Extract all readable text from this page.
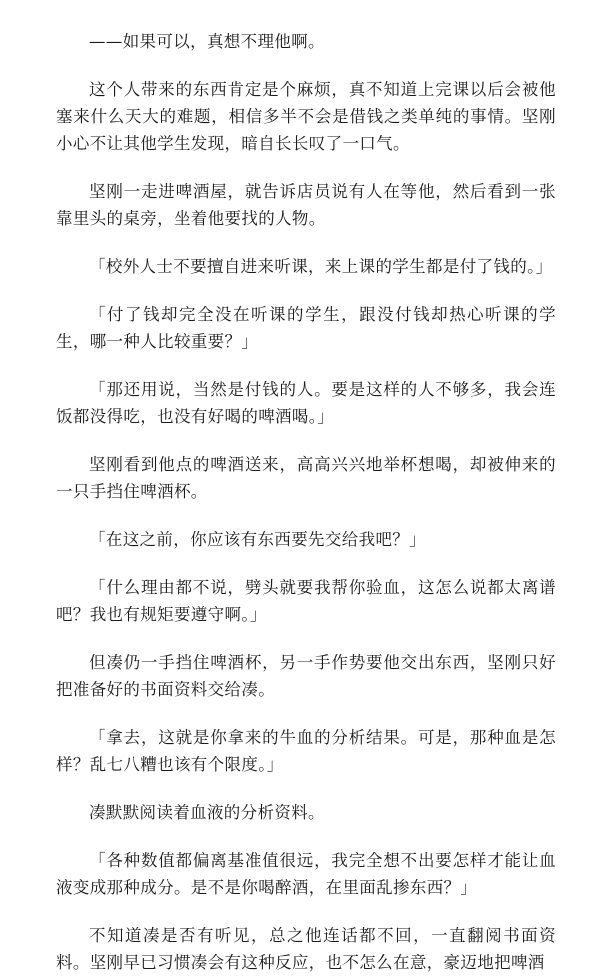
——如果可以，真想不理他啊。

这个人带来的东西肯定是个麻烦，真不知道上完课以后会被他塞来什么天大的难题，相信多半不会是借钱之类单纯的事情。坚刚小心不让其他学生发现，暗自长长叹了一口气。

坚刚一走进啤酒屋，就告诉店员说有人在等他，然后看到一张靠里头的桌旁，坐着他要找的人物。

「校外人士不要擅自进来听课，来上课的学生都是付了钱的。」

「付了钱却完全没在听课的学生，跟没付钱却热心听课的学生，哪一种人比较重要？」

「那还用说，当然是付钱的人。要是这样的人不够多，我会连饭都没得吃，也没有好喝的啤酒喝。」

坚刚看到他点的啤酒送来，高高兴兴地举杯想喝，却被伸来的一只手挡住啤酒杯。

「在这之前，你应该有东西要先交给我吧？」

「什么理由都不说，劈头就要我帮你验血，这怎么说都太离谱吧？我也有规矩要遵守啊。」

但凑仍一手挡住啤酒杯，另一手作势要他交出东西，坚刚只好把准备好的书面资料交给凑。

「拿去，这就是你拿来的牛血的分析结果。可是，那种血是怎样？乱七八糟也该有个限度。」

凑默默阅读着血液的分析资料。

「各种数值都偏离基准值很远，我完全想不出要怎样才能让血液变成那种成分。是不是你喝醉酒，在里面乱掺东西？」

不知道凑是否有听见，总之他连话都不回，一直翻阅书面资料。坚刚早已习惯凑会有这种反应，也不怎么在意，豪迈地把啤酒
